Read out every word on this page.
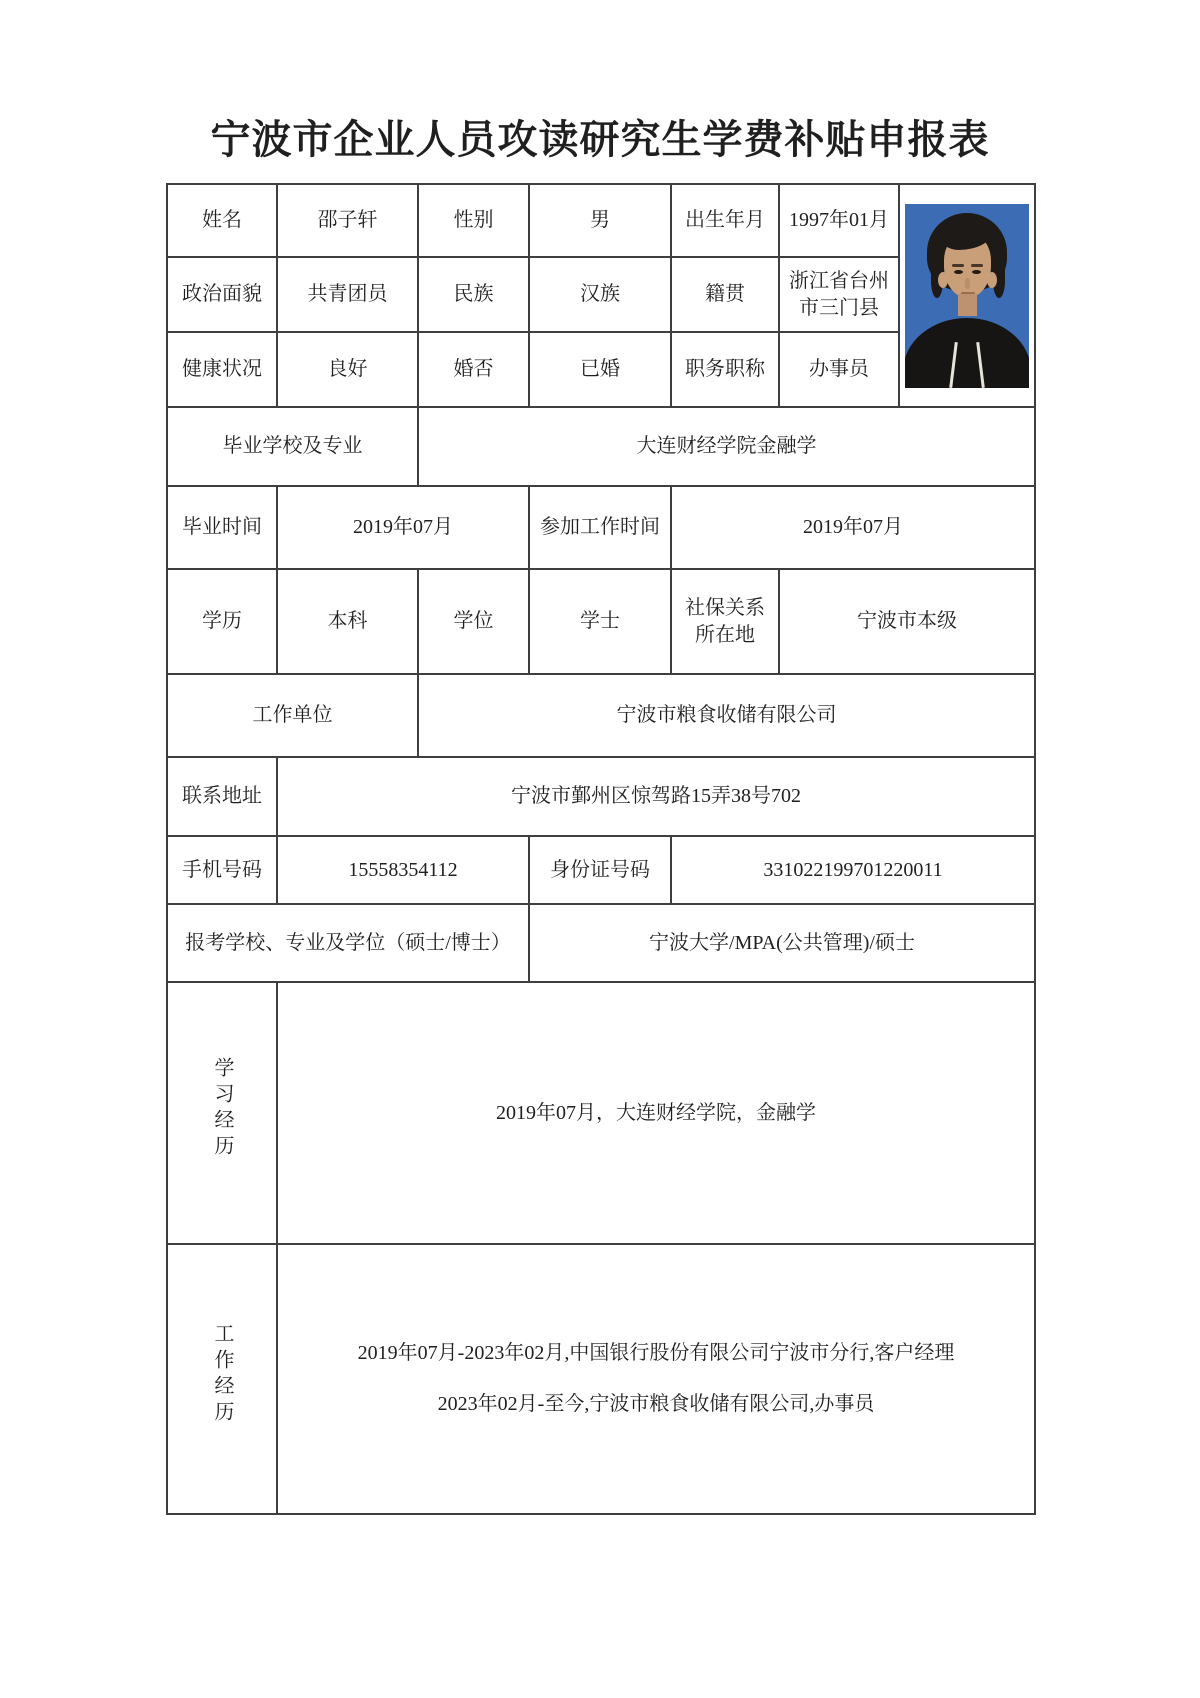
宁波市企业人员攻读研究生学费补贴申报表
姓名	邵子轩	性别	男	出生年月	1997年01月	

政治面貌	共青团员	民族	汉族	籍贯	浙江省台州市三门县	
健康状况	良好	婚否	已婚	职务职称	办事员	
毕业学校及专业		大连财经学院金融学				
毕业时间	2019年07月		参加工作时间	2019年07月		
学历	本科	学位	学士	社保关系所在地	宁波市本级	
工作单位		宁波市粮食收储有限公司				
联系地址	宁波市鄞州区惊驾路15弄38号702					
手机号码	15558354112		身份证号码	331022199701220011		
报考学校、专业及学位（硕士/博士）			宁波大学/MPA(公共管理)/硕士			
学习经历	2019年07月，大连财经学院，金融学					

工作经历	2019年07月-2023年02月,中国银行股份有限公司宁波市分行,客户经理
2023年02月-至今,宁波市粮食收储有限公司,办事员					
